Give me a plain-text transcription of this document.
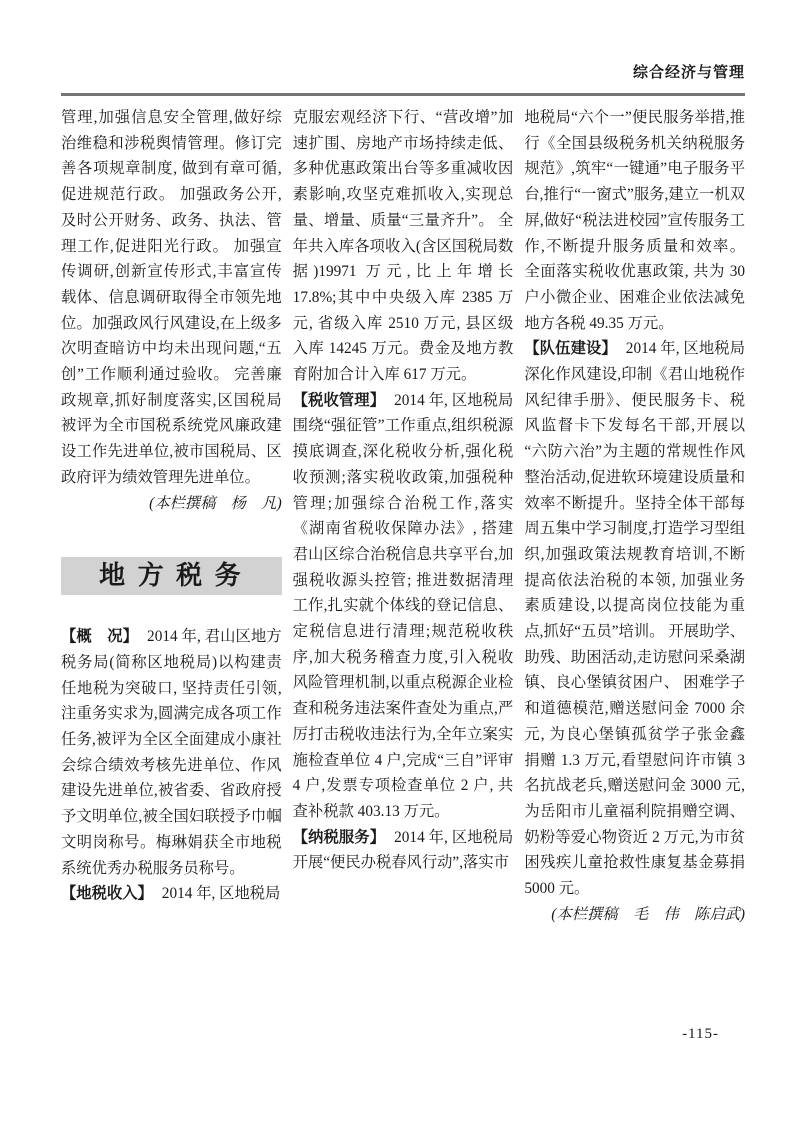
综合经济与管理

管理,加强信息安全管理,做好综治维稳和涉税舆情管理。修订完善各项规章制度, 做到有章可循,促进规范行政。 加强政务公开,及时公开财务、政务、执法、管理工作,促进阳光行政。 加强宣传调研,创新宣传形式,丰富宣传载体、信息调研取得全市领先地位。加强政风行风建设,在上级多次明查暗访中均未出现问题,“五创”工作顺利通过验收。 完善廉政规章,抓好制度落实,区国税局被评为全市国税系统党风廉政建设工作先进单位,被市国税局、区政府评为绩效管理先进单位。

(本栏撰稿　杨　凡)

地 方 税 务

【概　况】 2014 年, 君山区地方税务局(简称区地税局)以构建责任地税为突破口, 坚持责任引领,注重务实求为,圆满完成各项工作任务,被评为全区全面建成小康社会综合绩效考核先进单位、作风建设先进单位,被省委、省政府授予文明单位,被全国妇联授予巾帼文明岗称号。梅琳娟获全市地税系统优秀办税服务员称号。

【地税收入】 2014 年, 区地税局

克服宏观经济下行、“营改增”加速扩围、房地产市场持续走低、多种优惠政策出台等多重减收因素影响,攻坚克难抓收入,实现总量、增量、质量“三量齐升”。 全年共入库各项收入(含区国税局数据)19971 万元,比上年增长 17.8%;其中中央级入库 2385 万元, 省级入库 2510 万元, 县区级入库 14245 万元。费金及地方教育附加合计入库 617 万元。

【税收管理】 2014 年, 区地税局围绕“强征管”工作重点,组织税源摸底调查,深化税收分析,强化税收预测;落实税收政策,加强税种管理;加强综合治税工作,落实《湖南省税收保障办法》, 搭建君山区综合治税信息共享平台,加强税收源头控管; 推进数据清理工作,扎实就个体线的登记信息、定税信息进行清理;规范税收秩序,加大税务稽查力度,引入税收风险管理机制,以重点税源企业检查和税务违法案件查处为重点,严厉打击税收违法行为,全年立案实施检查单位 4 户,完成“三自”评审 4 户,发票专项检查单位 2 户, 共查补税款 403.13 万元。

【纳税服务】 2014 年, 区地税局开展“便民办税春风行动”,落实市

地税局“六个一”便民服务举措,推行《全国县级税务机关纳税服务规范》,筑牢“一键通”电子服务平台,推行“一窗式”服务,建立一机双屏,做好“税法进校园”宣传服务工作,不断提升服务质量和效率。 全面落实税收优惠政策, 共为 30 户小微企业、困难企业依法减免地方各税 49.35 万元。

【队伍建设】 2014 年, 区地税局深化作风建设,印制《君山地税作风纪律手册》、便民服务卡、税风监督卡下发每名干部,开展以“六防六治”为主题的常规性作风整治活动,促进软环境建设质量和效率不断提升。坚持全体干部每周五集中学习制度,打造学习型组织,加强政策法规教育培训,不断提高依法治税的本领, 加强业务素质建设,以提高岗位技能为重点,抓好“五员”培训。 开展助学、助残、助困活动,走访慰问采桑湖镇、良心堡镇贫困户、 困难学子和道德模范,赠送慰问金 7000 余元, 为良心堡镇孤贫学子张金鑫捐赠 1.3 万元,看望慰问许市镇 3 名抗战老兵,赠送慰问金 3000 元, 为岳阳市儿童福利院捐赠空调、奶粉等爱心物资近 2 万元,为市贫困残疾儿童抢救性康复基金募捐 5000 元。

(本栏撰稿　毛　伟　陈启武)

-115-
